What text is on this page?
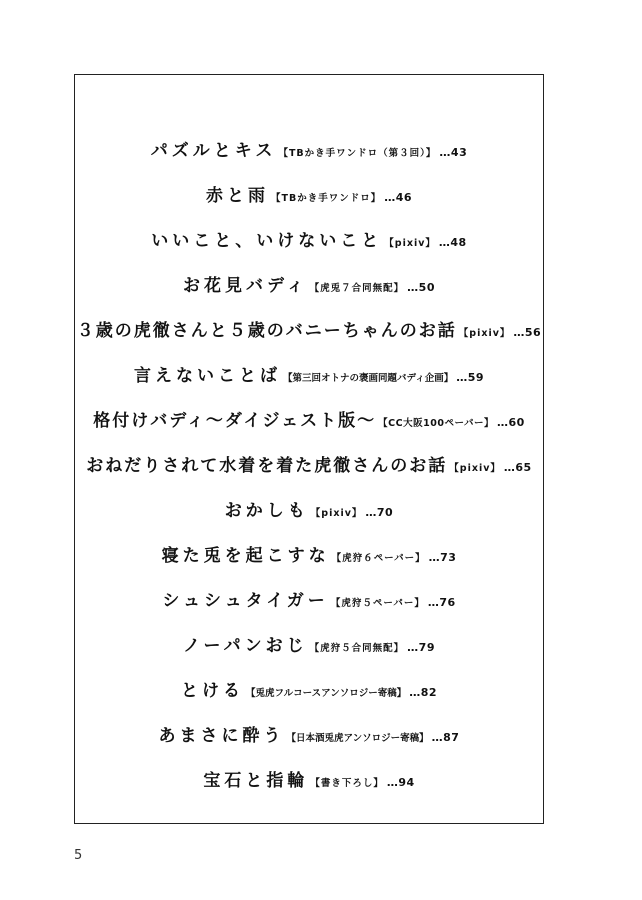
パズルとキス 【TBかき手ワンドロ（第３回）】 …43
赤と雨 【TBかき手ワンドロ】 …46
いいこと、いけないこと 【pixiv】 …48
お花見バディ 【虎兎７合同無配】 …50
３歳の虎徹さんと５歳のバニーちゃんのお話 【pixiv】 …56
言えないことば 【第三回オトナの褒画同題バディ企画】 …59
格付けバディ～ダイジェスト版～ 【CC大阪100ペーパー】 …60
おねだりされて水着を着た虎徹さんのお話 【pixiv】 …65
おかしも 【pixiv】 …70
寝た兎を起こすな 【虎狩６ペーパー】 …73
シュシュタイガー 【虎狩５ペーパー】 …76
ノーパンおじ 【虎狩５合同無配】 …79
とける 【兎虎フルコースアンソロジー寄稿】 …82
あまさに酔う 【日本酒兎虎アンソロジー寄稿】 …87
宝石と指輪 【書き下ろし】 …94
5
